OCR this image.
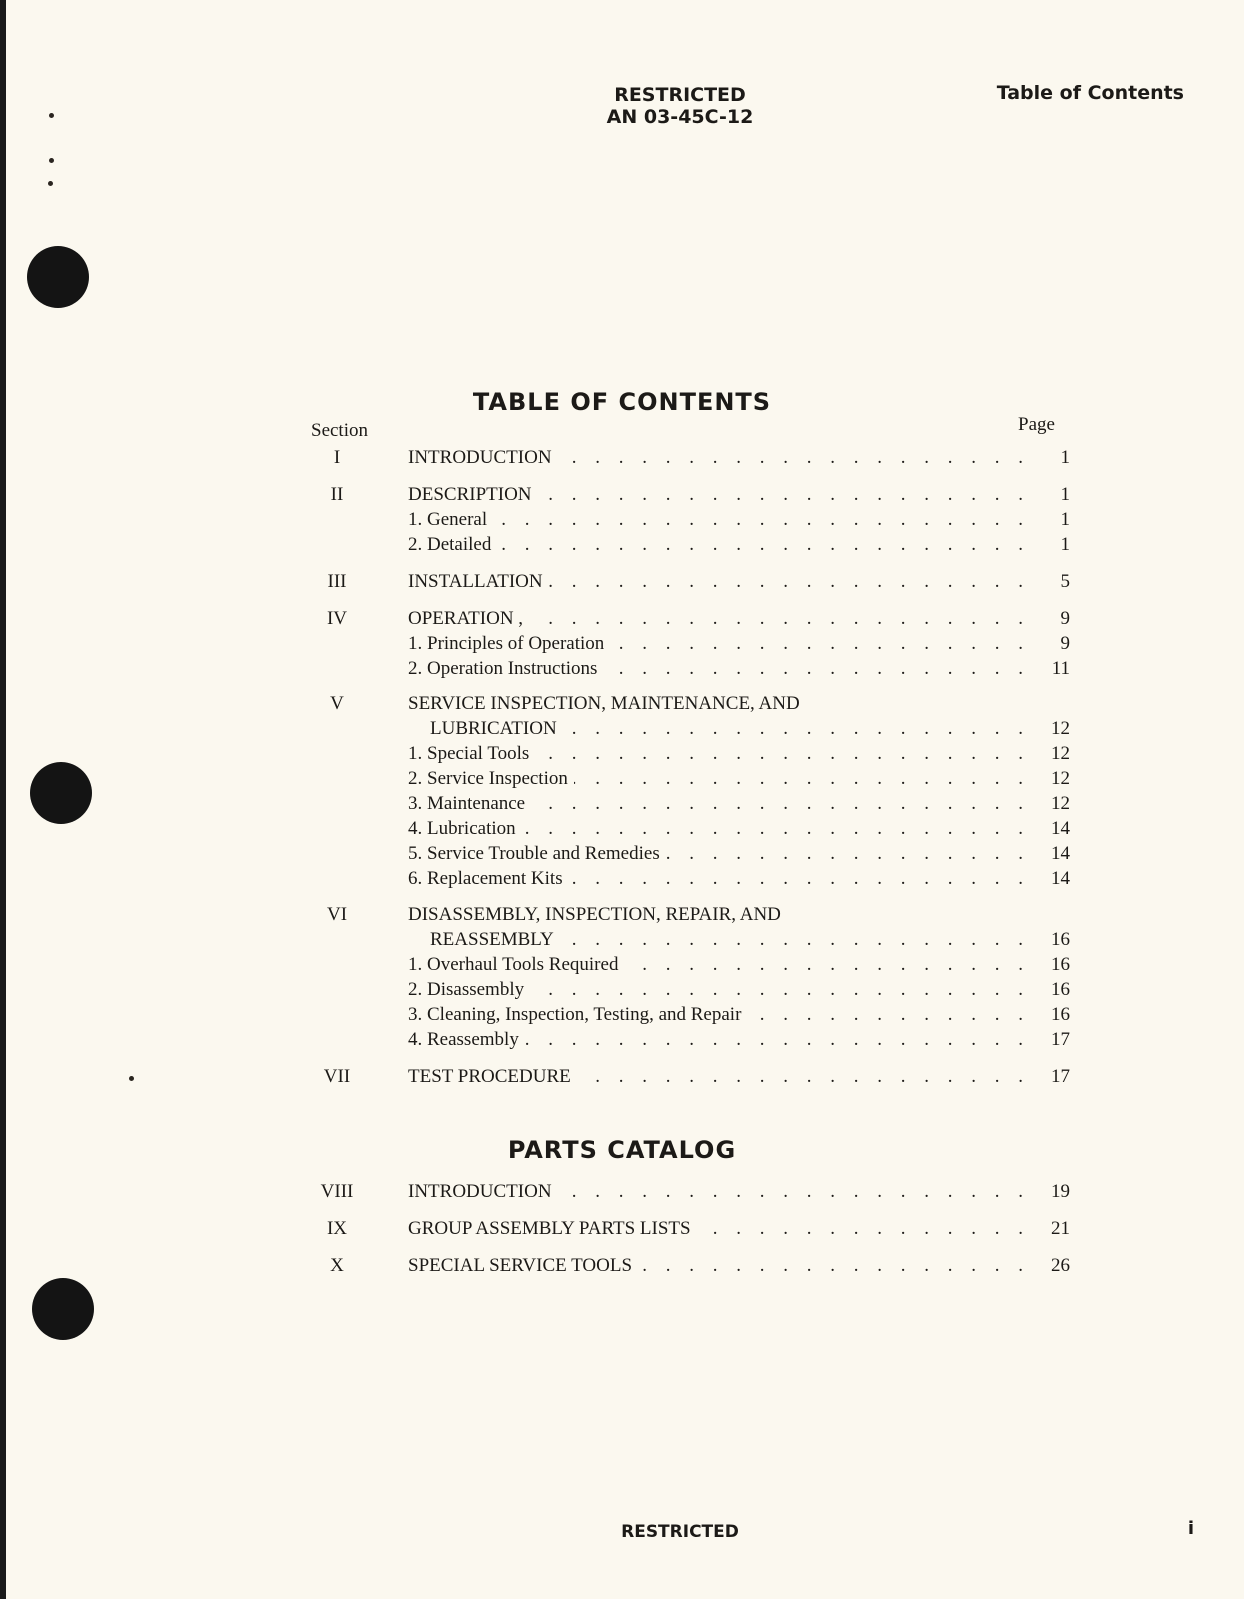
RESTRICTED
AN 03-45C-12
Table of Contents
TABLE OF CONTENTS
Section	Page
I	INTRODUCTION . . .	1
II	DESCRIPTION . . .	1
1. General . . .	1
2. Detailed . . .	1
III	INSTALLATION . . .	5
IV	OPERATION , . . .	9
1. Principles of Operation . . .	9
2. Operation Instructions . . .	11
V	SERVICE INSPECTION, MAINTENANCE, AND
LUBRICATION . . .	12
1. Special Tools . . .	12
2. Service Inspection . . .	12
3. Maintenance . . .	12
4. Lubrication . . .	14
5. Service Trouble and Remedies . . .	14
6. Replacement Kits . . .	14
VI	DISASSEMBLY, INSPECTION, REPAIR, AND
REASSEMBLY . . .	16
1. Overhaul Tools Required . . .	16
2. Disassembly . . .	16
3. Cleaning, Inspection, Testing, and Repair . . .	16
4. Reassembly . . .	17
VII	TEST PROCEDURE . . .	17
PARTS CATALOG
VIII	INTRODUCTION . . .	19
IX	GROUP ASSEMBLY PARTS LISTS . . .	21
X	SPECIAL SERVICE TOOLS . . .	26
RESTRICTED	i
